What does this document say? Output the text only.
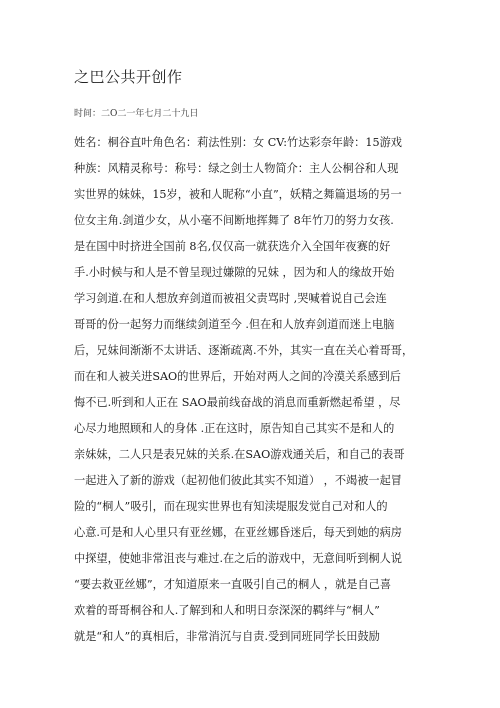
之巴公共开创作
时间：二O二一年七月二十九日
姓名：桐谷直叶角色名：莉法性别：女 CV:竹达彩奈年龄：15游戏
种族：风精灵称号：称号：绿之剑士人物简介：主人公桐谷和人现
实世界的妹妹，15岁，被和人昵称“小直”，妖精之舞篇退场的另一
位女主角.剑道少女，从小毫不间断地挥舞了 8年竹刀的努力女孩.
是在国中时挤进全国前 8名,仅仅高一就获选介入全国年夜赛的好
手.小时候与和人是不曾呈现过嫌隙的兄妹 ，因为和人的缘故开始
学习剑道.在和人想放弃剑道而被祖父责骂时 ,哭喊着说自己会连
哥哥的份一起努力而继续剑道至今 .但在和人放弃剑道而迷上电脑
后，兄妹间渐渐不太讲话、逐渐疏离.不外，其实一直在关心着哥哥，
而在和人被关进SAO的世界后，开始对两人之间的冷漠关系感到后
悔不已.听到和人正在 SAO最前线奋战的消息而重新燃起希望 ，尽
心尽力地照顾和人的身体 .正在这时，原告知自己其实不是和人的
亲妹妹，二人只是表兄妹的关系.在SAO游戏通关后，和自己的表哥
一起进入了新的游戏（起初他们彼此其实不知道） ，不竭被一起冒
险的“桐人”吸引，而在现实世界也有知渎堤服发觉自己对和人的
心意.可是和人心里只有亚丝娜，在亚丝娜昏迷后，每天到她的病房
中探望，使她非常沮丧与难过.在之后的游戏中，无意间听到桐人说
“要去救亚丝娜”，才知道原来一直吸引自己的桐人 ，就是自己喜
欢着的哥哥桐谷和人.了解到和人和明日奈深深的羁绊与“桐人”
就是“和人”的真相后，非常消沉与自责.受到同班同学长田鼓励
